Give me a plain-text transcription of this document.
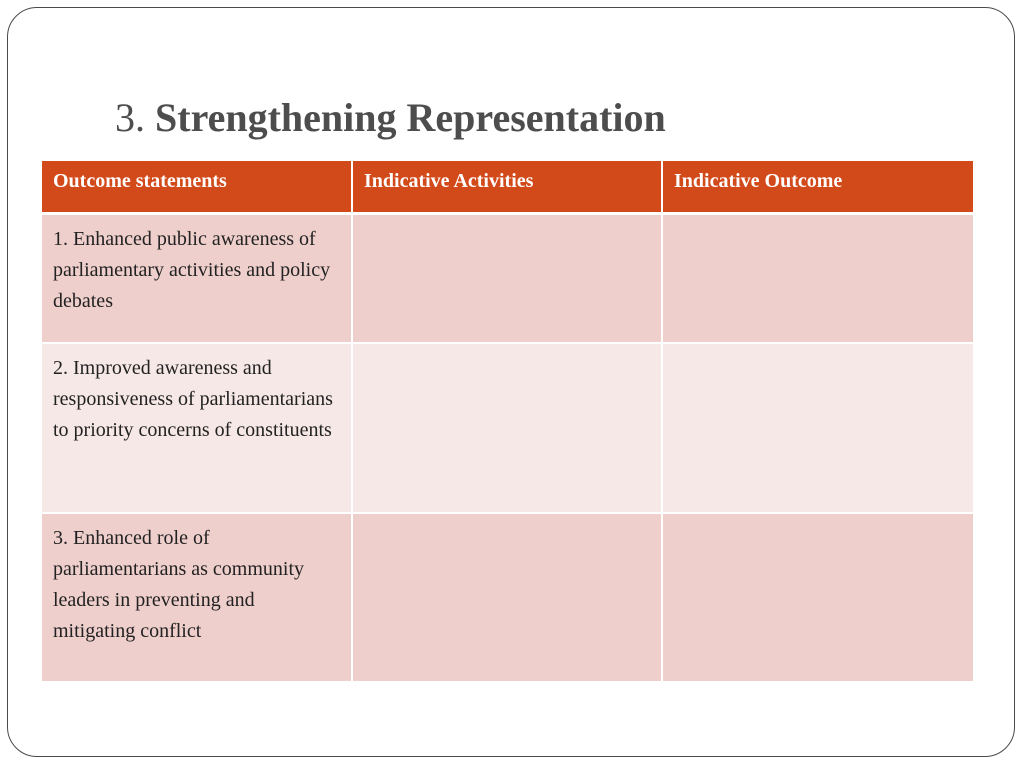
3. Strengthening Representation
Outcome statements	Indicative Activities	Indicative Outcome
1. Enhanced public awareness of parliamentary activities and policy debates		
2. Improved awareness and responsiveness of parliamentarians to priority concerns of constituents		
3. Enhanced role of parliamentarians as community leaders in preventing and mitigating conflict		
